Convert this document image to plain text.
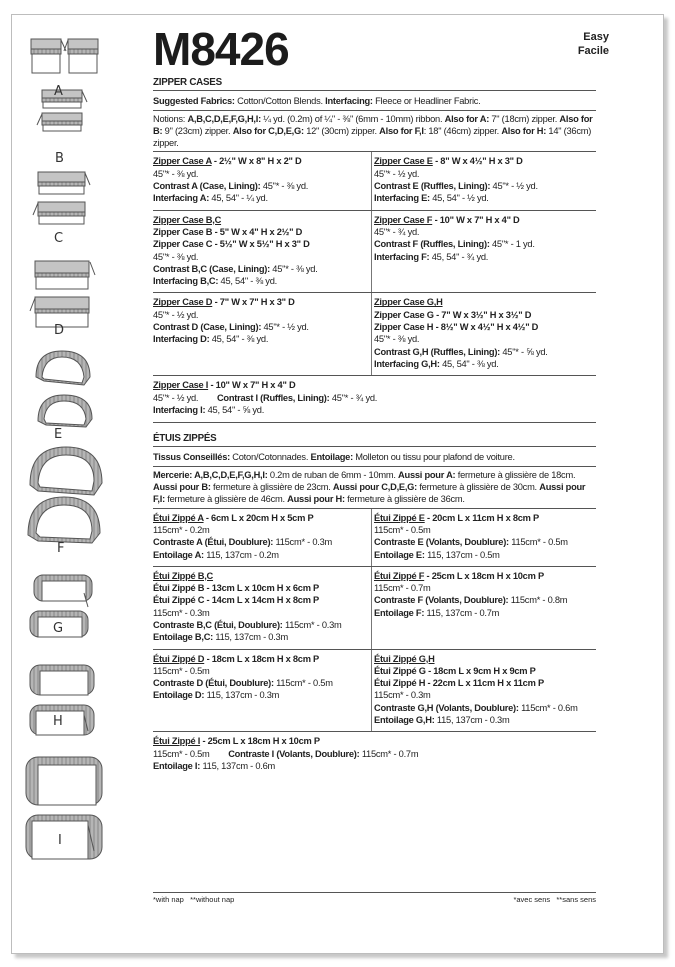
A
B
C
D
E
F
G
H
I
M8426	Easy
Facile
ZIPPER CASES
Suggested Fabrics: Cotton/Cotton Blends. Interfacing: Fleece or Headliner Fabric.
Notions: A,B,C,D,E,F,G,H,I: ¼ yd. (0.2m) of ¼" - ⅜" (6mm - 10mm) ribbon. Also for A: 7" (18cm) zipper. Also for B: 9" (23cm) zipper. Also for C,D,E,G: 12" (30cm) zipper. Also for F,I: 18" (46cm) zipper. Also for H: 14" (36cm) zipper.
Zipper Case A - 2½" W x 8" H x 2" D
45"* - ⅜ yd.
Contrast A (Case, Lining): 45"* - ⅜ yd.
Interfacing A: 45, 54" - ¼ yd.
Zipper Case E - 8" W x 4½" H x 3" D
45"* - ½ yd.
Contrast E (Ruffles, Lining): 45"* - ½ yd.
Interfacing E: 45, 54" - ½ yd.
Zipper Case B,C
Zipper Case B - 5" W x 4" H x 2½" D
Zipper Case C - 5½" W x 5½" H x 3" D
45"* - ⅜ yd.
Contrast B,C (Case, Lining): 45"* - ⅜ yd.
Interfacing B,C: 45, 54" - ⅜ yd.
Zipper Case F - 10" W x 7" H x 4" D
45"* - ¾ yd.
Contrast F (Ruffles, Lining): 45"* - 1 yd.
Interfacing F: 45, 54" - ¾ yd.
Zipper Case D - 7" W x 7" H x 3" D
45"* - ½ yd.
Contrast D (Case, Lining): 45"* - ½ yd.
Interfacing D: 45, 54" - ⅜ yd.
Zipper Case G,H
Zipper Case G - 7" W x 3½" H x 3½" D
Zipper Case H - 8½" W x 4½" H x 4½" D
45"* - ⅜ yd.
Contrast G,H (Ruffles, Lining): 45"* - ⅝ yd.
Interfacing G,H: 45, 54" - ⅜ yd.
Zipper Case I - 10" W x 7" H x 4" D
45"* - ½ yd. Contrast I (Ruffles, Lining): 45"* - ¾ yd.
Interfacing I: 45, 54" - ⅝ yd.
ÉTUIS ZIPPÉS
Tissus Conseillés: Coton/Cotonnades. Entoilage: Molleton ou tissu pour plafond de voiture.
Mercerie: A,B,C,D,E,F,G,H,I: 0.2m de ruban de 6mm - 10mm. Aussi pour A: fermeture à glissière de 18cm. Aussi pour B: fermeture à glissière de 23cm. Aussi pour C,D,E,G: fermeture à glissière de 30cm. Aussi pour F,I: fermeture à glissière de 46cm. Aussi pour H: fermeture à glissière de 36cm.
Étui Zippé A - 6cm L x 20cm H x 5cm P
115cm* - 0.2m
Contraste A (Étui, Doublure): 115cm* - 0.3m
Entoilage A: 115, 137cm - 0.2m
Étui Zippé E - 20cm L x 11cm H x 8cm P
115cm* - 0.5m
Contraste E (Volants, Doublure): 115cm* - 0.5m
Entoilage E: 115, 137cm - 0.5m
Étui Zippé B,C
Étui Zippé B - 13cm L x 10cm H x 6cm P
Étui Zippé C - 14cm L x 14cm H x 8cm P
115cm* - 0.3m
Contraste B,C (Étui, Doublure): 115cm* - 0.3m
Entoilage B,C: 115, 137cm - 0.3m
Étui Zippé F - 25cm L x 18cm H x 10cm P
115cm* - 0.7m
Contraste F (Volants, Doublure): 115cm* - 0.8m
Entoilage F: 115, 137cm - 0.7m
Étui Zippé D - 18cm L x 18cm H x 8cm P
115cm* - 0.5m
Contraste D (Étui, Doublure): 115cm* - 0.5m
Entoilage D: 115, 137cm - 0.3m
Étui Zippé G,H
Étui Zippé G - 18cm L x 9cm H x 9cm P
Étui Zippé H - 22cm L x 11cm H x 11cm P
115cm* - 0.3m
Contraste G,H (Volants, Doublure): 115cm* - 0.6m
Entoilage G,H: 115, 137cm - 0.3m
Étui Zippé I - 25cm L x 18cm H x 10cm P
115cm* - 0.5m Contraste I (Volants, Doublure): 115cm* - 0.7m
Entoilage I: 115, 137cm - 0.6m
*with nap   **without nap	*avec sens   **sans sens
